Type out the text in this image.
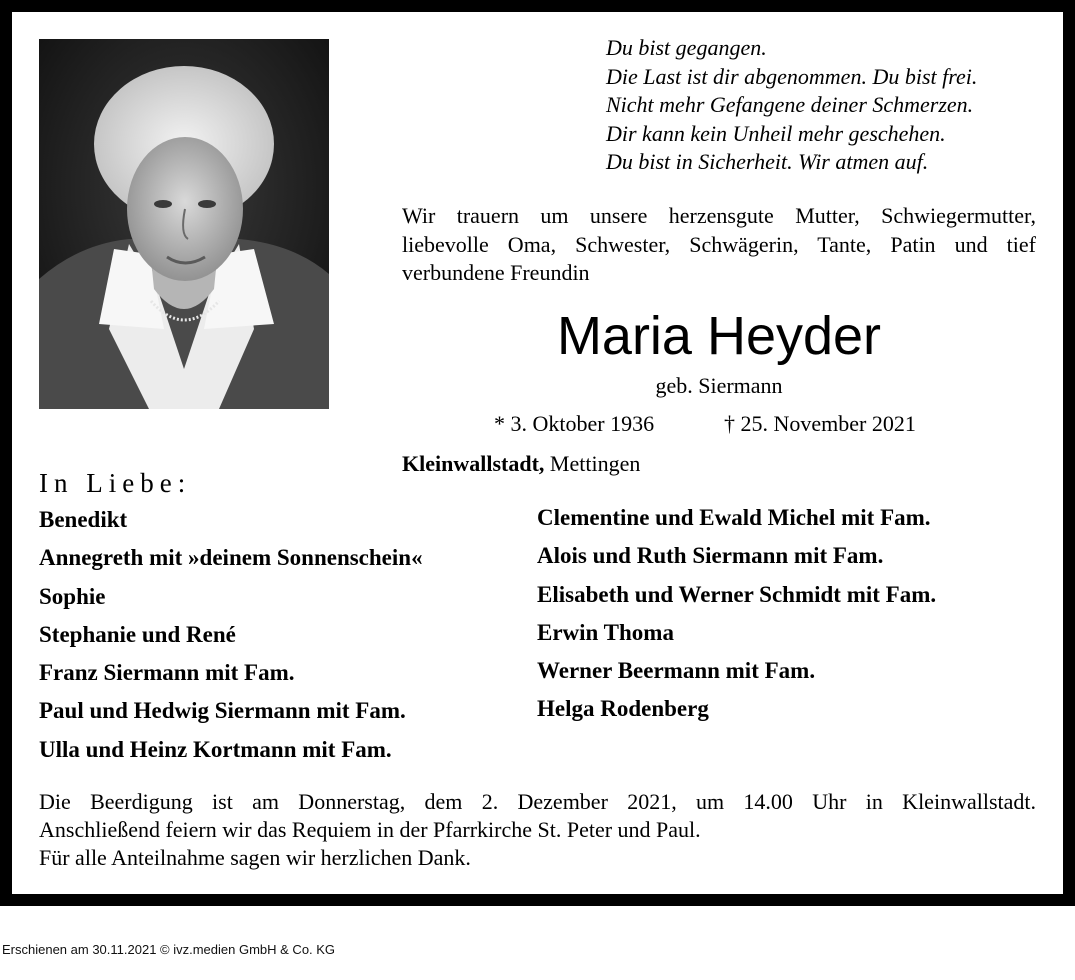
Du bist gegangen.
Die Last ist dir abgenommen. Du bist frei.
Nicht mehr Gefangene deiner Schmerzen.
Dir kann kein Unheil mehr geschehen.
Du bist in Sicherheit. Wir atmen auf.
Wir trauern um unsere herzensgute Mutter, Schwiegermutter,
liebevolle Oma, Schwester, Schwägerin, Tante, Patin und tief
verbundene Freundin
Maria Heyder
geb. Siermann
* 3. Oktober 1936	† 25. November 2021
Kleinwallstadt, Mettingen
In Liebe:
Benedikt
Annegreth mit »deinem Sonnenschein«
Sophie
Stephanie und René
Franz Siermann mit Fam.
Paul und Hedwig Siermann mit Fam.
Ulla und Heinz Kortmann mit Fam.
Clementine und Ewald Michel mit Fam.
Alois und Ruth Siermann mit Fam.
Elisabeth und Werner Schmidt mit Fam.
Erwin Thoma
Werner Beermann mit Fam.
Helga Rodenberg
Die Beerdigung ist am Donnerstag, dem 2. Dezember 2021, um 14.00 Uhr in Kleinwallstadt.
Anschließend feiern wir das Requiem in der Pfarrkirche St. Peter und Paul.
Für alle Anteilnahme sagen wir herzlichen Dank.
Erschienen am 30.11.2021 © ivz.medien GmbH & Co. KG
